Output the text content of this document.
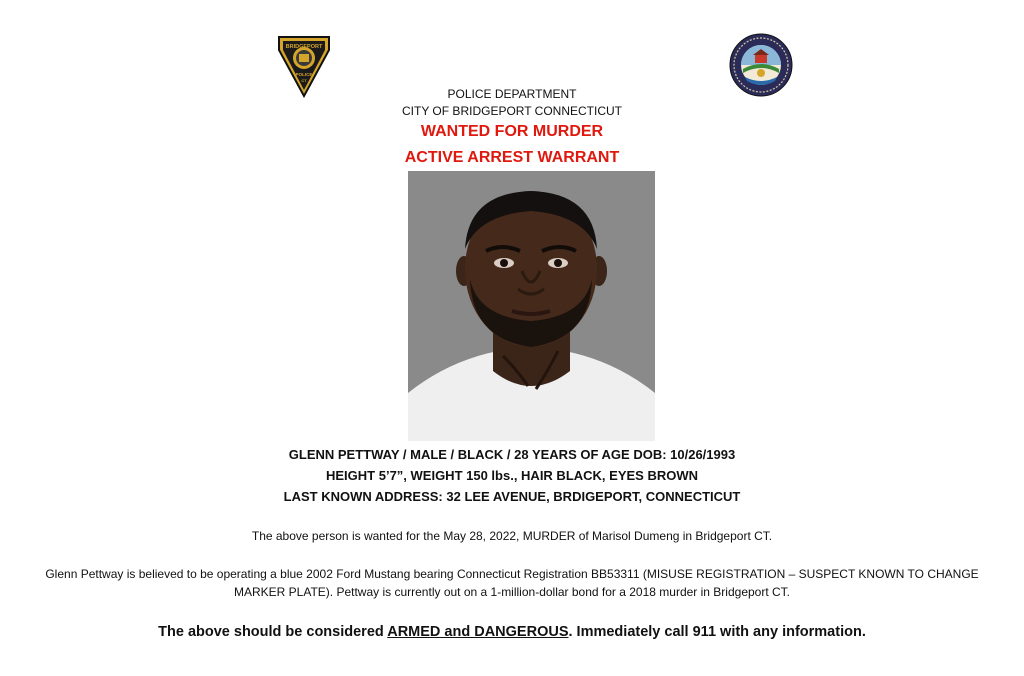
BRIDGEPORT
POLICE
CT
POLICE DEPARTMENT
CITY OF BRIDGEPORT CONNECTICUT
WANTED FOR MURDER
ACTIVE ARREST WARRANT
GLENN PETTWAY / MALE / BLACK / 28 YEARS OF AGE DOB: 10/26/1993
HEIGHT 5’7”, WEIGHT 150 lbs., HAIR BLACK, EYES BROWN
LAST KNOWN ADDRESS: 32 LEE AVENUE, BRDIGEPORT, CONNECTICUT
The above person is wanted for the May 28, 2022, MURDER of Marisol Dumeng in Bridgeport CT.
Glenn Pettway is believed to be operating a blue 2002 Ford Mustang bearing Connecticut Registration BB53311 (MISUSE REGISTRATION – SUSPECT KNOWN TO CHANGE
MARKER PLATE). Pettway is currently out on a 1-million-dollar bond for a 2018 murder in Bridgeport CT.
The above should be considered ARMED and DANGEROUS. Immediately call 911 with any information.
